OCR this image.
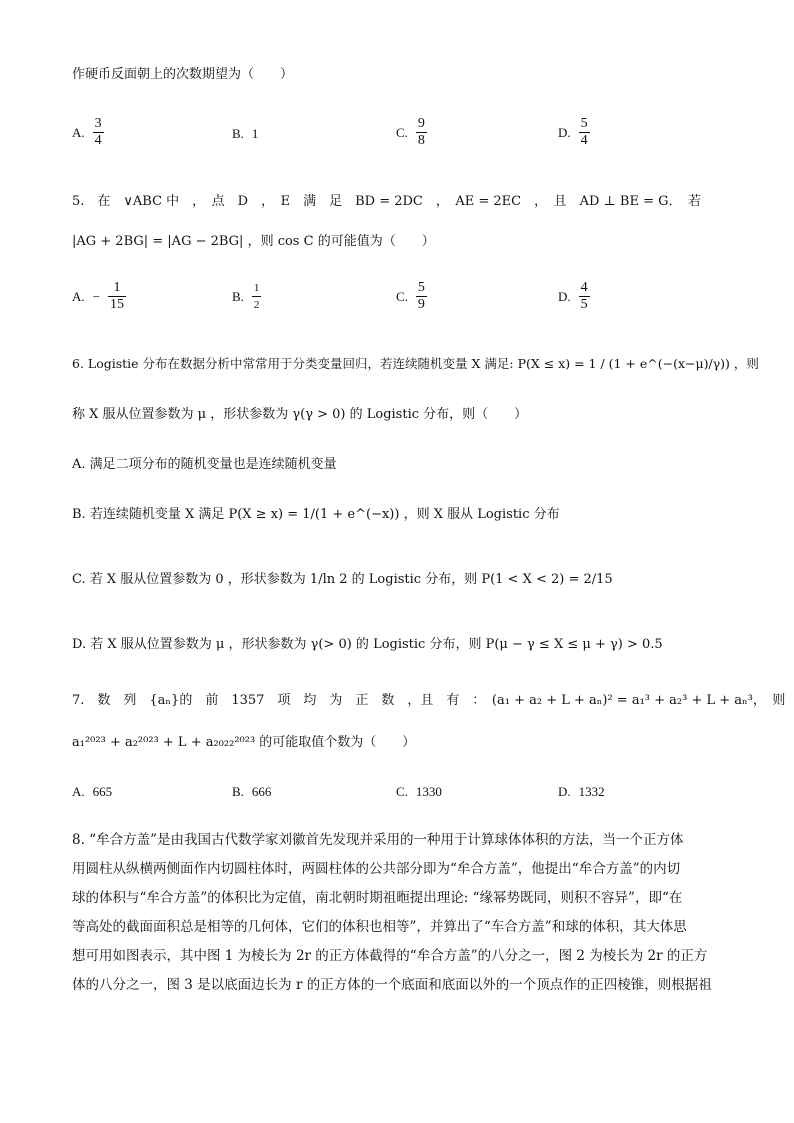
作硬币反面朝上的次数期望为（　　）
A. $\frac{3}{4}$	B. 1	C. $\frac{9}{8}$	D. $\frac{5}{4}$
5.　在　∨ABC 中　，　点　D　，　E　满　足　BD = 2DC　，　AE = 2EC　，　且　AD ⊥ BE = G．　若
|AG + 2BG| = |AG − 2BG| ，则 cos C 的可能值为（　　）
A. − $\frac{1}{15}$	B. $\frac{1}{2}$	C. $\frac{5}{9}$	D. $\frac{4}{5}$
6. Logistie 分布在数据分析中常常用于分类变量回归，若连续随机变量 X 满足: P(X ≤ x) = 1 / (1 + e^(−(x−μ)/γ)) ，则
称 X 服从位置参数为 μ ，形状参数为 γ(γ > 0) 的 Logistic 分布，则（　　）
A. 满足二项分布的随机变量也是连续随机变量
B. 若连续随机变量 X 满足 P(X ≥ x) = 1/(1 + e^(−x)) ，则 X 服从 Logistic 分布
C. 若 X 服从位置参数为 0 ，形状参数为 1/ln 2 的 Logistic 分布，则 P(1 < X < 2) = 2/15
D. 若 X 服从位置参数为 μ ，形状参数为 γ(> 0) 的 Logistic 分布，则 P(μ − γ ≤ X ≤ μ + γ) > 0.5
7.　数　列　{aₙ}的　前　1357　项　均　为　正　数　，且　有　：　(a₁ + a₂ + L + aₙ)² = a₁³ + a₂³ + L + aₙ³，　则
a₁²⁰²³ + a₂²⁰²³ + L + a₂₀₂₂²⁰²³ 的可能取值个数为（　　）
A. 665	B. 666	C. 1330	D. 1332
8. “牟合方盖”是由我国古代数学家刘徽首先发现并采用的一种用于计算球体体积的方法，当一个正方体
用圆柱从纵横两侧面作内切圆柱体时，两圆柱体的公共部分即为“牟合方盖”，他提出“牟合方盖”的内切
球的体积与“牟合方盖”的体积比为定值，南北朝时期祖暅提出理论: “缘幂势既同，则积不容异”，即“在
等高处的截面面积总是相等的几何体，它们的体积也相等”，并算出了“车合方盖”和球的体积，其大体思
想可用如图表示，其中图 1 为棱长为 2r 的正方体截得的“牟合方盖”的八分之一，图 2 为棱长为 2r 的正方
体的八分之一，图 3 是以底面边长为 r 的正方体的一个底面和底面以外的一个顶点作的正四棱锥，则根据祖
